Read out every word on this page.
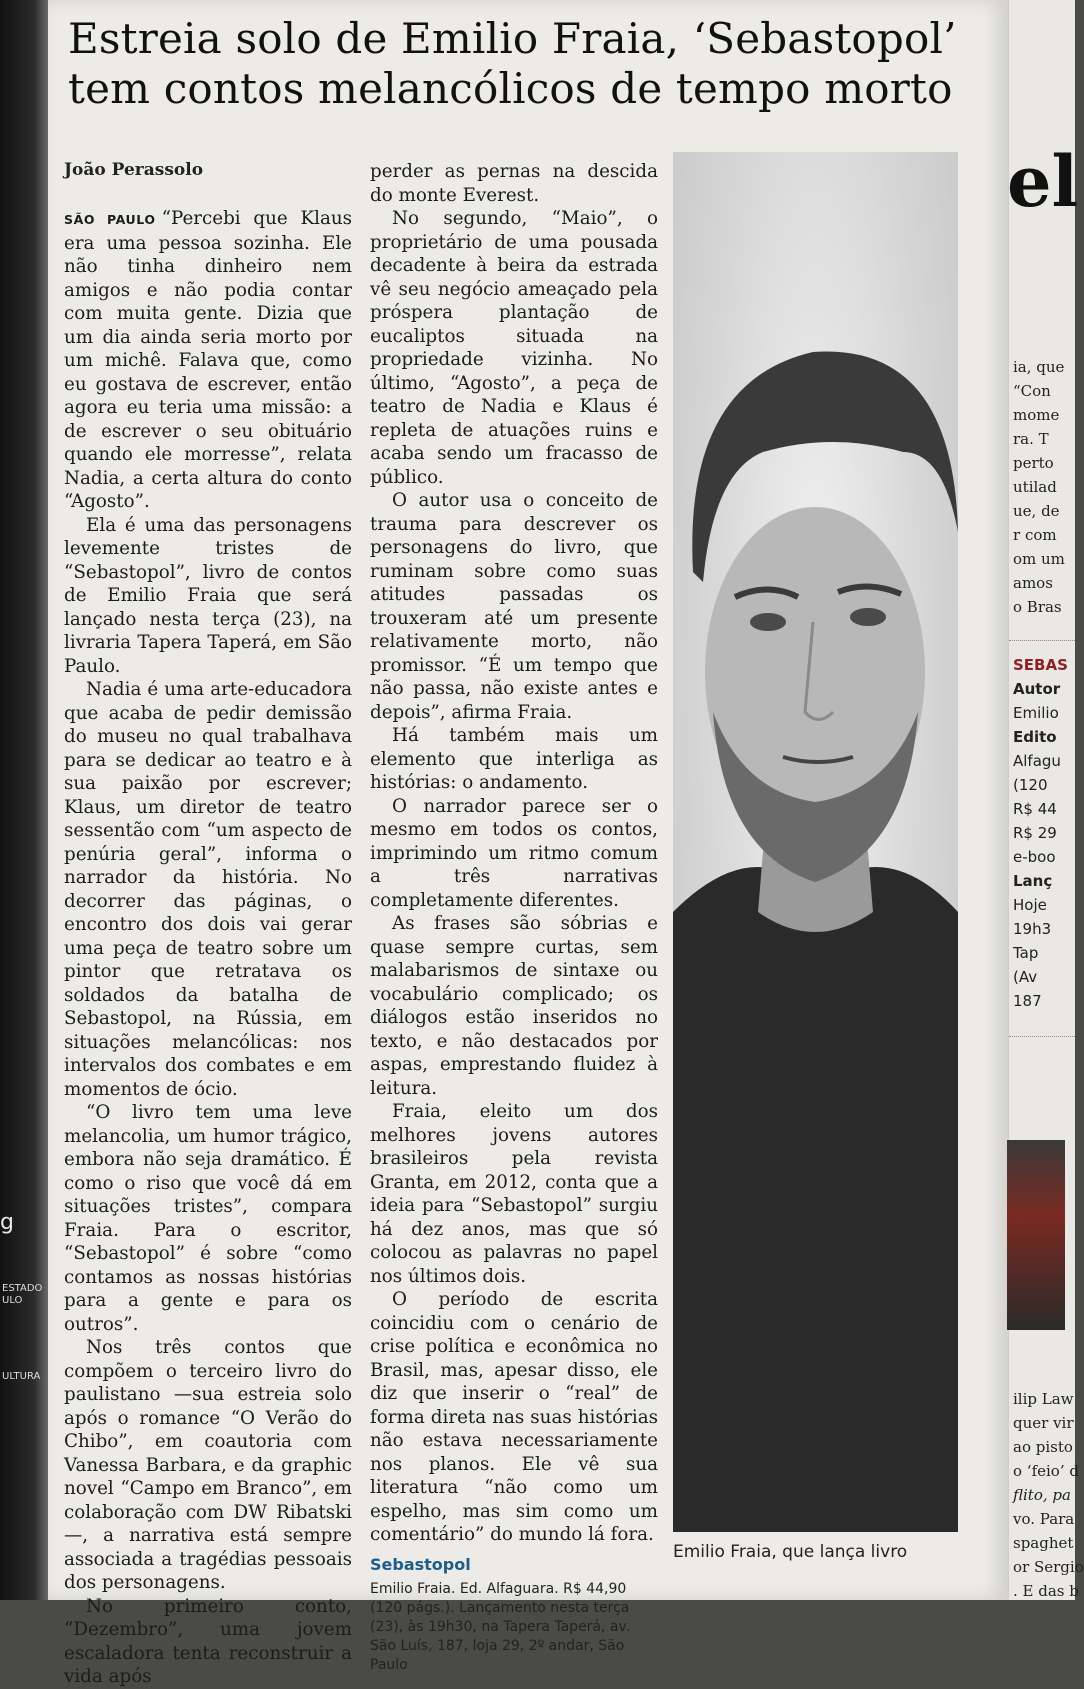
g
ESTADO
ULO
ULTURA
Estreia solo de Emilio Fraia, ‘Sebastopol’
tem contos melancólicos de tempo morto
João Perassolo

SÃO PAULO “Percebi que Klaus era uma pessoa sozinha. Ele não tinha dinheiro nem amigos e não podia contar com muita gente. Dizia que um dia ainda seria morto por um michê. Falava que, como eu gostava de escrever, então agora eu teria uma missão: a de escrever o seu obituário quando ele morresse”, relata Nadia, a certa altura do conto “Agosto”.

Ela é uma das personagens levemente tristes de “Sebastopol”, livro de contos de Emilio Fraia que será lançado nesta terça (23), na livraria Tapera Taperá, em São Paulo.

Nadia é uma arte-educadora que acaba de pedir demissão do museu no qual trabalhava para se dedicar ao teatro e à sua paixão por escrever; Klaus, um diretor de teatro sessentão com “um aspecto de penúria geral”, informa o narrador da história. No decorrer das páginas, o encontro dos dois vai gerar uma peça de teatro sobre um pintor que retratava os soldados da batalha de Sebastopol, na Rússia, em situações melancólicas: nos intervalos dos combates e em momentos de ócio.

“O livro tem uma leve melancolia, um humor trágico, embora não seja dramático. É como o riso que você dá em situações tristes”, compara Fraia. Para o escritor, “Sebastopol” é sobre “como contamos as nossas histórias para a gente e para os outros”.

Nos três contos que compõem o terceiro livro do paulistano —sua estreia solo após o romance “O Verão do Chibo”, em coautoria com Vanessa Barbara, e da graphic novel “Campo em Branco”, em colaboração com DW Ribatski—, a narrativa está sempre associada a tragédias pessoais dos personagens.

No primeiro conto, “Dezembro”, uma jovem escaladora tenta reconstruir a vida após

perder as pernas na descida do monte Everest.

No segundo, “Maio”, o proprietário de uma pousada decadente à beira da estrada vê seu negócio ameaçado pela próspera plantação de eucaliptos situada na propriedade vizinha. No último, “Agosto”, a peça de teatro de Nadia e Klaus é repleta de atuações ruins e acaba sendo um fracasso de público.

O autor usa o conceito de trauma para descrever os personagens do livro, que ruminam sobre como suas atitudes passadas os trouxeram até um presente relativamente morto, não promissor. “É um tempo que não passa, não existe antes e depois”, afirma Fraia.

Há também mais um elemento que interliga as histórias: o andamento.

O narrador parece ser o mesmo em todos os contos, imprimindo um ritmo comum a três narrativas completamente diferentes.

As frases são sóbrias e quase sempre curtas, sem malabarismos de sintaxe ou vocabulário complicado; os diálogos estão inseridos no texto, e não destacados por aspas, emprestando fluidez à leitura.

Fraia, eleito um dos melhores jovens autores brasileiros pela revista Granta, em 2012, conta que a ideia para “Sebastopol” surgiu há dez anos, mas que só colocou as palavras no papel nos últimos dois.

O período de escrita coincidiu com o cenário de crise política e econômica no Brasil, mas, apesar disso, ele diz que inserir o “real” de forma direta nas suas histórias não estava necessariamente nos planos. Ele vê sua literatura “não como um espelho, mas sim como um comentário” do mundo lá fora.

Sebastopol
Emilio Fraia. Ed. Alfaguara. R$ 44,90 (120 págs.). Lançamento nesta terça (23), às 19h30, na Tapera Taperá, av. São Luís, 187, loja 29, 2º andar, São Paulo
Emilio Fraia, que lança livro
el
ia, que
“Con
mome
ra. T
perto
utilad
ue, de
r com
om um
amos
o Bras
SEBAS
Autor
Emilio
Edito
Alfagu
(120
R$ 44
R$ 29
e-boo
Lanç
Hoje
19h3
Tap
(Av
187
ilip Law
quer vir
ao pisto
o ‘feio’ d
flito, pa
vo. Para
spaghet
or Sergio
. E das b
